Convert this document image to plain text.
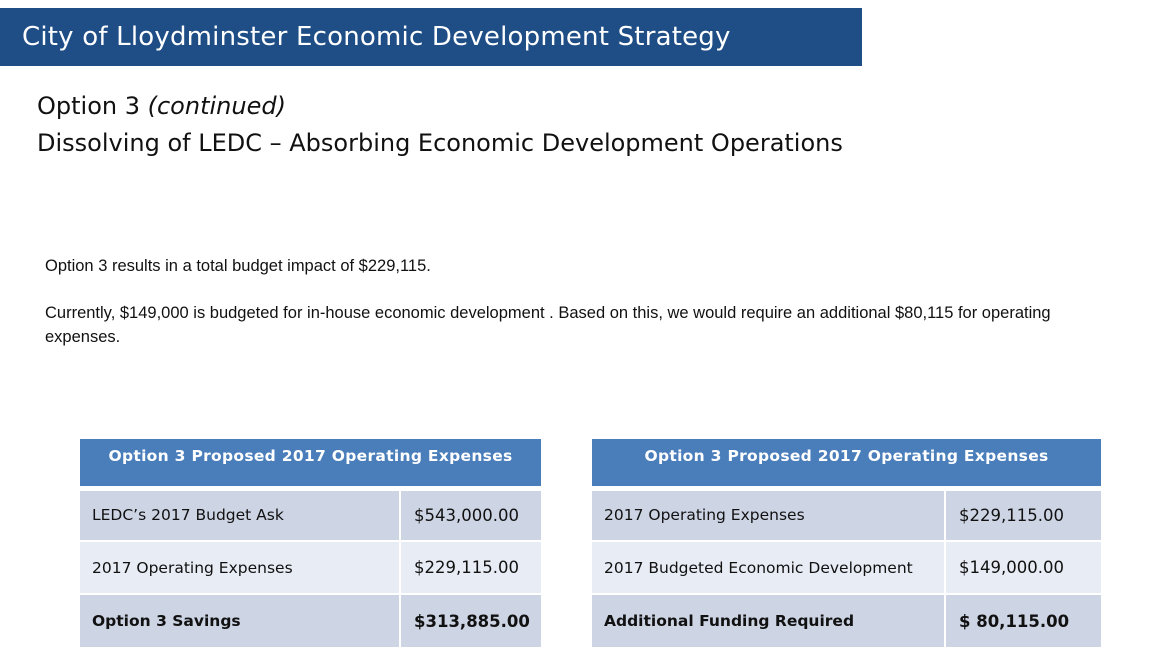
City of Lloydminster Economic Development Strategy
Option 3 (continued)
Dissolving of LEDC – Absorbing Economic Development Operations
Option 3 results in a total budget impact of $229,115.
Currently, $149,000 is budgeted for in-house economic development . Based on this, we would require an additional $80,115 for operating expenses.
Option 3 Proposed 2017 Operating Expenses	
LEDC’s 2017 Budget Ask	$543,000.00
2017 Operating Expenses	$229,115.00
Option 3 Savings	$313,885.00
Option 3 Proposed 2017 Operating Expenses	
2017 Operating Expenses	$229,115.00
2017 Budgeted Economic Development	$149,000.00
Additional Funding Required	$ 80,115.00
